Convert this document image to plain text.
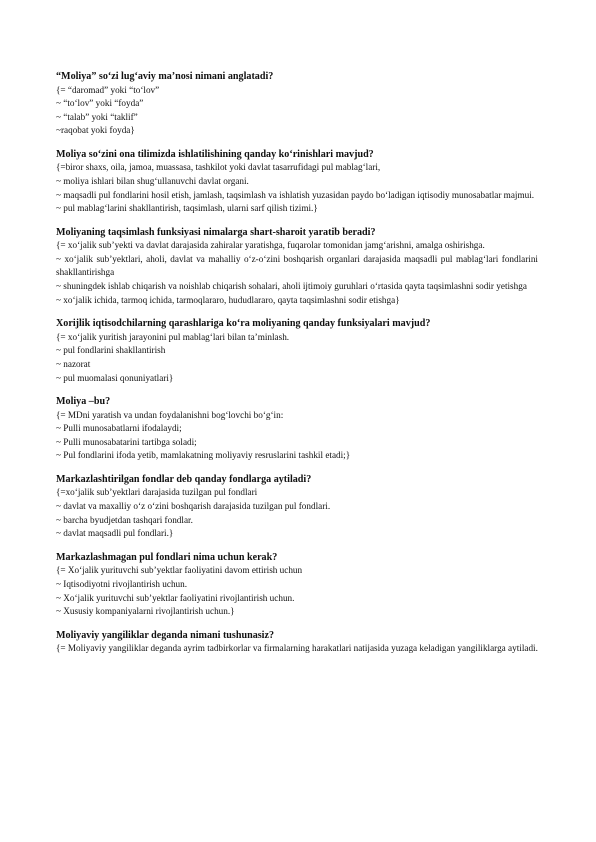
“Moliya” so‘zi lug‘aviy ma’nosi nimani anglatadi?

{= “daromad” yoki “to‘lov”

~ “to‘lov” yoki “foyda”

~ “talab” yoki “taklif”

~raqobat yoki foyda}

Moliya so‘zini ona tilimizda ishlatilishining qanday ko‘rinishlari mavjud?

{=biror shaxs, oila, jamoa, muassasa, tashkilot yoki davlat tasarrufidagi pul mablag‘lari,

~ moliya ishlari bilan shug‘ullanuvchi davlat organi.

~ maqsadli pul fondlarini hosil etish, jamlash, taqsimlash va ishlatish yuzasidan paydo bo‘ladigan iqtisodiy munosabatlar majmui.

~ pul mablag‘larini shakllantirish, taqsimlash, ularni sarf qilish tizimi.}

Moliyaning taqsimlash funksiyasi nimalarga shart-sharoit yaratib beradi?

{= xo‘jalik sub’yekti va davlat darajasida zahiralar yaratishga, fuqarolar tomonidan jamg‘arishni, amalga oshirishga.

~ xo‘jalik sub’yektlari, aholi, davlat va mahalliy o‘z-o‘zini boshqarish organlari darajasida maqsadli pul mablag‘lari fondlarini shakllantirishga

~ shuningdek ishlab chiqarish va noishlab chiqarish sohalari, aholi ijtimoiy guruhlari o‘rtasida qayta taqsimlashni sodir yetishga

~ xo‘jalik ichida, tarmoq ichida, tarmoqlararo, hududlararo, qayta taqsimlashni sodir etishga}

Xorijlik iqtisodchilarning qarashlariga ko‘ra moliyaning qanday funksiyalari mavjud?

{= xo‘jalik yuritish jarayonini pul mablag‘lari bilan ta’minlash.

~ pul fondlarini shakllantirish

~ nazorat

~ pul muomalasi qonuniyatlari}

Moliya –bu?

{= MDni yaratish va undan foydalanishni bog‘lovchi bo‘g‘in:

~ Pulli munosabatlarni ifodalaydi;

~ Pulli munosabatarini tartibga soladi;

~ Pul fondlarini ifoda yetib, mamlakatning moliyaviy resruslarini tashkil etadi;}

Markazlashtirilgan fondlar deb qanday fondlarga aytiladi?

{=xo‘jalik sub’yektlari darajasida tuzilgan pul fondlari

~ davlat va maxalliy o‘z o‘zini boshqarish darajasida tuzilgan pul fondlari.

~ barcha byudjetdan tashqari fondlar.

~ davlat maqsadli pul fondlari.}

Markazlashmagan pul fondlari nima uchun kerak?

{= Xo‘jalik yurituvchi sub’yektlar faoliyatini davom ettirish uchun

~ Iqtisodiyotni rivojlantirish uchun.

~ Xo‘jalik yurituvchi sub’yektlar faoliyatini rivojlantirish uchun.

~ Xususiy kompaniyalarni rivojlantirish uchun.}

Moliyaviy yangiliklar deganda nimani tushunasiz?

{= Moliyaviy yangiliklar deganda ayrim tadbirkorlar va firmalarning harakatlari natijasida yuzaga keladigan yangiliklarga aytiladi.
